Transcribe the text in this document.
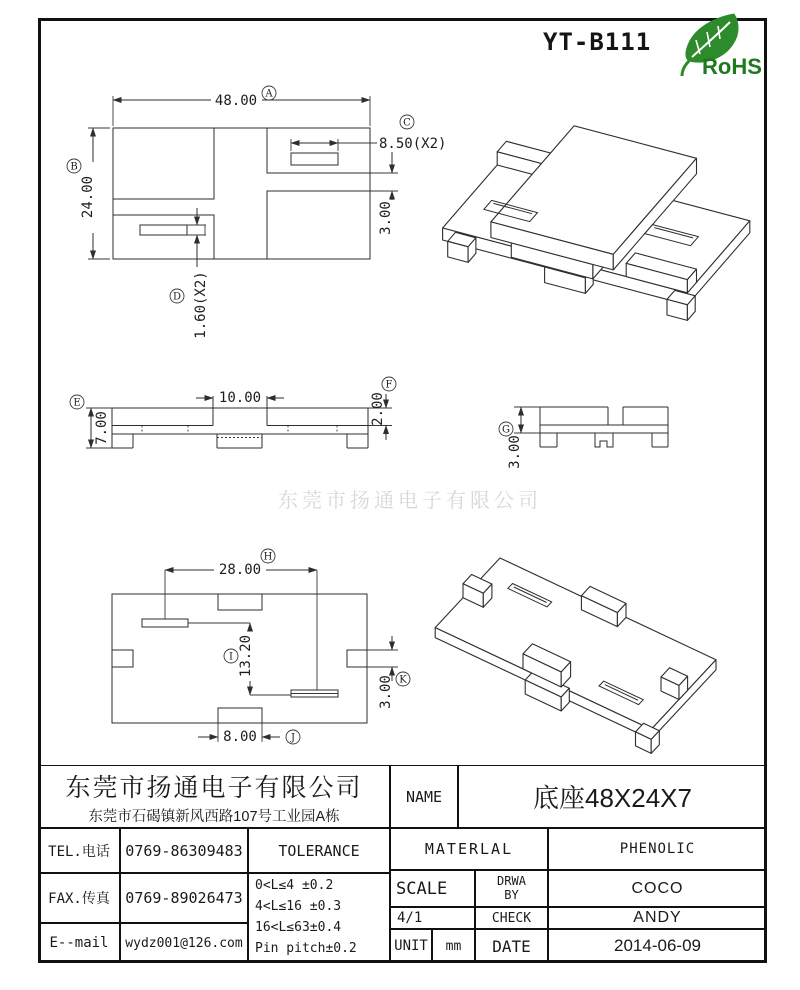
YT-B111
RoHS
东莞市扬通电子有限公司
48.00 A
24.00
B
8.50(X2)
C
3.00
1.60(X2)
D
10.00
7.00
E	2.00
F
3.00
G
28.00
H
13.20
I
3.00 K
8.00	J
东莞市扬通电子有限公司
东莞市石碣镇新风西路107号工业园A栋
TEL.电话	0769-86309483	TOLERANCE
FAX.传真	0769-89026473
0<L≤4 ±0.2
4<L≤16 ±0.3
16<L≤63±0.4
Pin pitch±0.2
E--mail	wydz001@126.com
NAME	底座48X24X7
MATERLAL	PHENOLIC
SCALE	DRWA BY	COCO
4/1	CHECK	ANDY
UNIT	mm	DATE	2014-06-09
